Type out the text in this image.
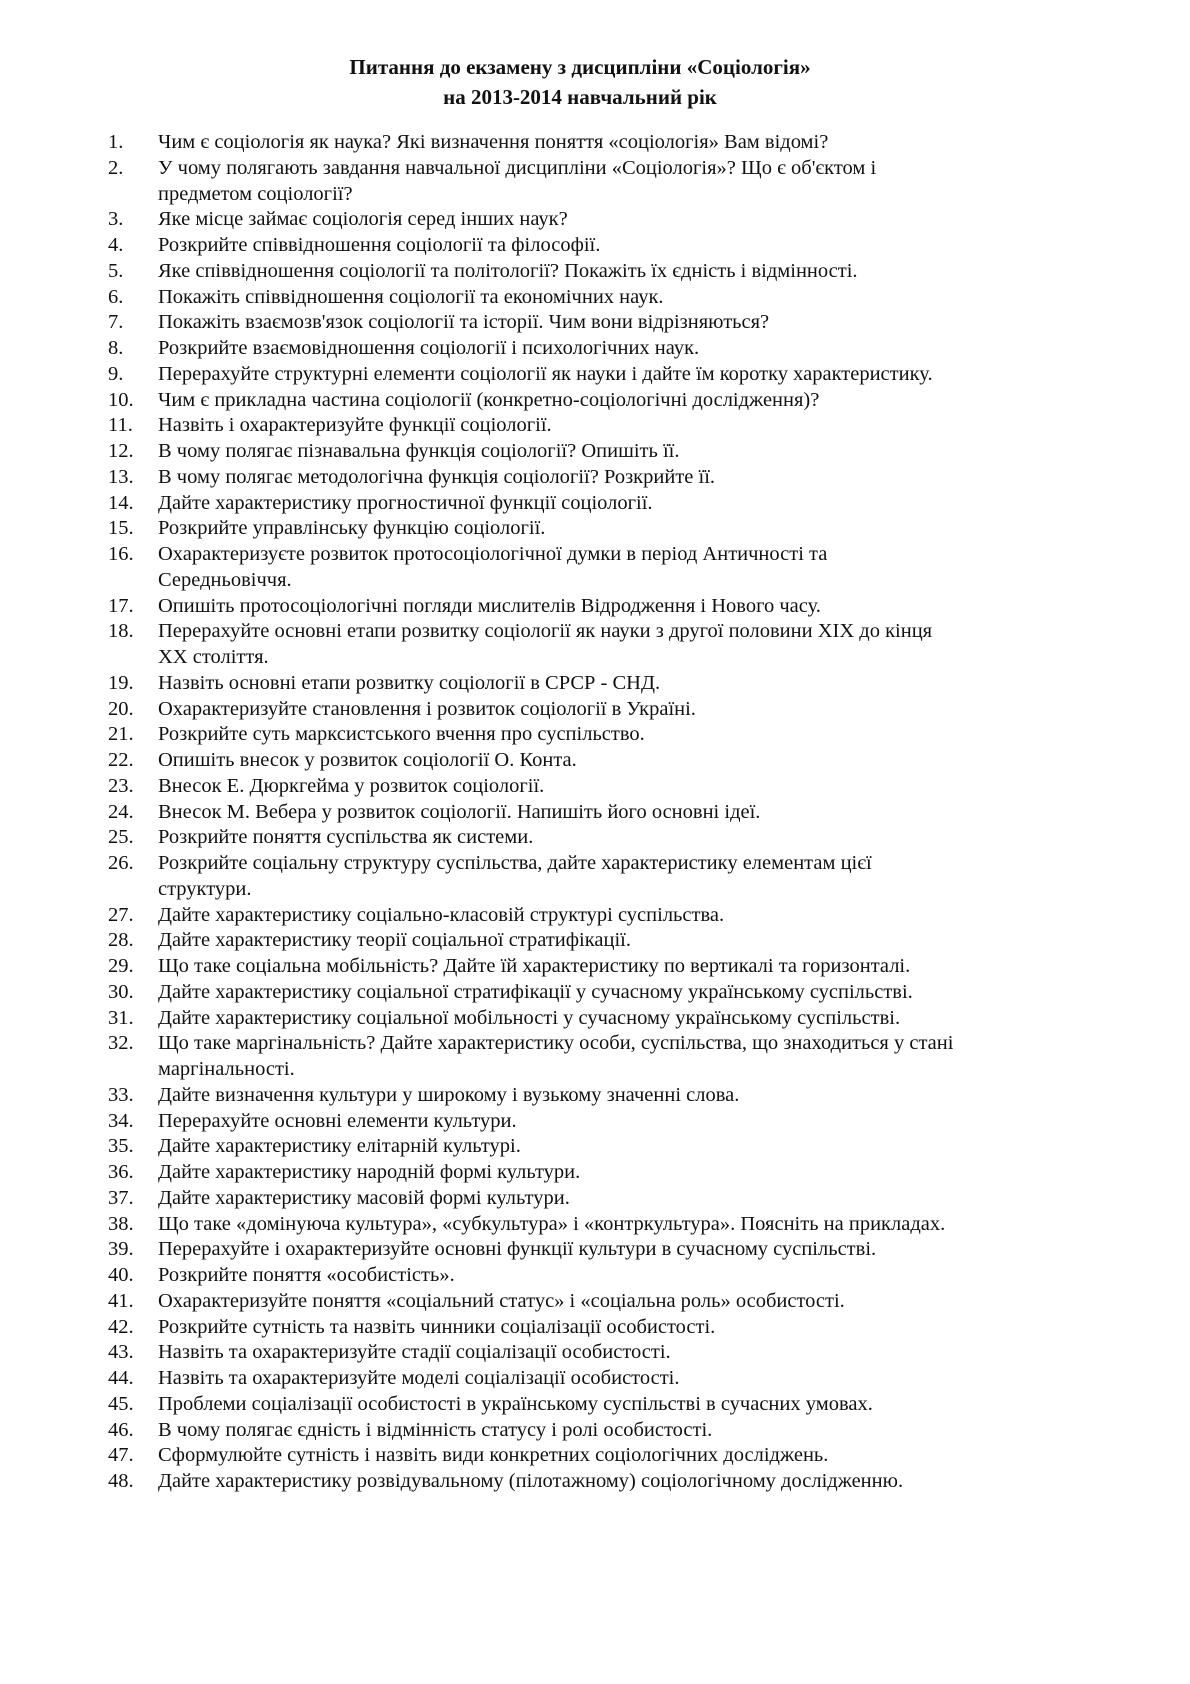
Питання до екзамену з дисципліни «Соціологія»
на 2013-2014 навчальний рік
1.	Чим є соціологія як наука? Які визначення поняття «соціологія» Вам відомі?
2.	У чому полягають завдання навчальної дисципліни «Соціологія»? Що є об'єктом і
предметом соціології?
3.	Яке місце займає соціологія серед інших наук?
4.	Розкрийте співвідношення соціології та філософії.
5.	Яке співвідношення соціології та політології? Покажіть їх єдність і відмінності.
6.	Покажіть співвідношення соціології та економічних наук.
7.	Покажіть взаємозв'язок соціології та історії. Чим вони відрізняються?
8.	Розкрийте взаємовідношення соціології і психологічних наук.
9.	Перерахуйте структурні елементи соціології як науки і дайте їм коротку характеристику.
10.	Чим є прикладна частина соціології (конкретно-соціологічні дослідження)?
11.	Назвіть і охарактеризуйте функції соціології.
12.	В чому полягає пізнавальна функція соціології? Опишіть її.
13.	В чому полягає методологічна функція соціології? Розкрийте її.
14.	Дайте характеристику прогностичної функції соціології.
15.	Розкрийте управлінську функцію соціології.
16.	Охарактеризуєте розвиток протосоціологічної думки в період Античності та
Середньовіччя.
17.	Опишіть протосоціологічні погляди мислителів Відродження і Нового часу.
18.	Перерахуйте основні етапи розвитку соціології як науки з другої половини XIX до кінця
XX століття.
19.	Назвіть основні етапи розвитку соціології в СРСР - СНД.
20.	Охарактеризуйте становлення і розвиток соціології в Україні.
21.	Розкрийте суть марксистського вчення про суспільство.
22.	Опишіть внесок у розвиток соціології О. Конта.
23.	Внесок Е. Дюркгейма у розвиток соціології.
24.	Внесок М. Вебера у розвиток соціології. Напишіть його основні ідеї.
25.	Розкрийте поняття суспільства як системи.
26.	Розкрийте соціальну структуру суспільства, дайте характеристику елементам цієї
структури.
27.	Дайте характеристику соціально-класовій структурі суспільства.
28.	Дайте характеристику теорії соціальної стратифікації.
29.	Що таке соціальна мобільність? Дайте їй характеристику по вертикалі та горизонталі.
30.	Дайте характеристику соціальної стратифікації у сучасному українському суспільстві.
31.	Дайте характеристику соціальної мобільності у сучасному українському суспільстві.
32.	Що таке маргінальність? Дайте характеристику особи, суспільства, що знаходиться у стані
маргінальності.
33.	Дайте визначення культури у широкому і вузькому значенні слова.
34.	Перерахуйте основні елементи культури.
35.	Дайте характеристику елітарній культурі.
36.	Дайте характеристику народній формі культури.
37.	Дайте характеристику масовій формі культури.
38.	Що таке «домінуюча культура», «субкультура» і «контркультура». Поясніть на прикладах.
39.	Перерахуйте і охарактеризуйте основні функції культури в сучасному суспільстві.
40.	Розкрийте поняття «особистість».
41.	Охарактеризуйте поняття «соціальний статус» і «соціальна роль» особистості.
42.	Розкрийте сутність та назвіть чинники соціалізації особистості.
43.	Назвіть та охарактеризуйте стадії соціалізації особистості.
44.	Назвіть та охарактеризуйте моделі соціалізації особистості.
45.	Проблеми соціалізації особистості в українському суспільстві в сучасних умовах.
46.	В чому полягає єдність і відмінність статусу і ролі особистості.
47.	Сформулюйте сутність і назвіть види конкретних соціологічних досліджень.
48.	Дайте характеристику розвідувальному (пілотажному) соціологічному дослідженню.
